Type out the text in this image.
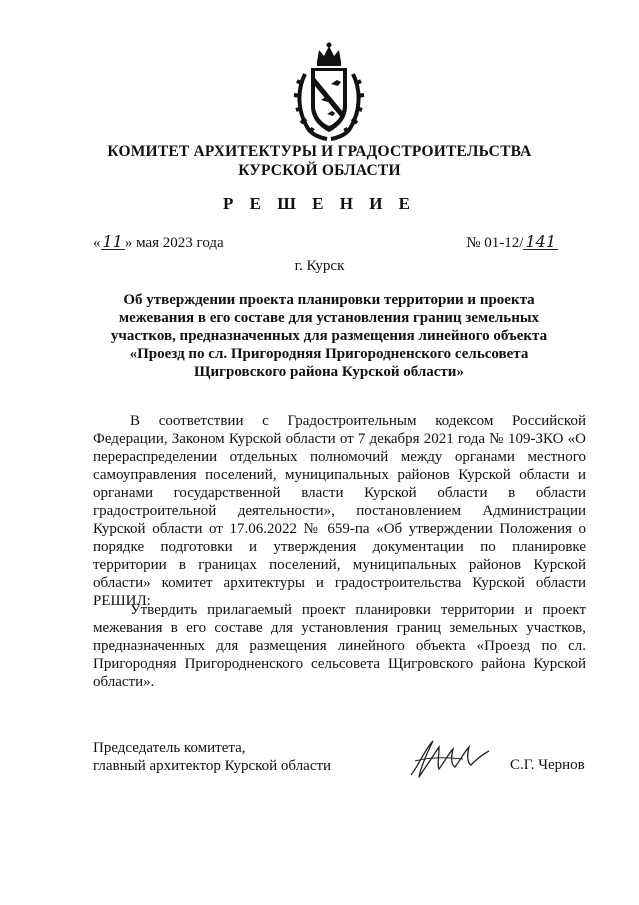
КОМИТЕТ АРХИТЕКТУРЫ И ГРАДОСТРОИТЕЛЬСТВА
КУРСКОЙ ОБЛАСТИ
Р Е Ш Е Н И Е
« 11 » мая 2023 года	№ 01-12/ 141
г. Курск
Об утверждении проекта планировки территории и проекта
межевания в его составе для установления границ земельных
участков, предназначенных для размещения линейного объекта
«Проезд по сл. Пригородняя Пригородненского сельсовета
Щигровского района Курской области»

В соответствии с Градостроительным кодексом Российской Федерации, Законом Курской области от 7 декабря 2021 года № 109-ЗКО «О перераспределении отдельных полномочий между органами местного самоуправления поселений, муниципальных районов Курской области и органами государственной власти Курской области в области градостроительной деятельности», постановлением Администрации Курской области от 17.06.2022 № 659-па «Об утверждении Положения о порядке подготовки и утверждения документации по планировке территории в границах поселений, муниципальных районов Курской области» комитет архитектуры и градостроительства Курской области РЕШИЛ:

Утвердить прилагаемый проект планировки территории и проект межевания в его составе для установления границ земельных участков, предназначенных для размещения линейного объекта «Проезд по сл. Пригородняя Пригородненского сельсовета Щигровского района Курской области».

Председатель комитета,
главный архитектор Курской области	С.Г. Чернов
